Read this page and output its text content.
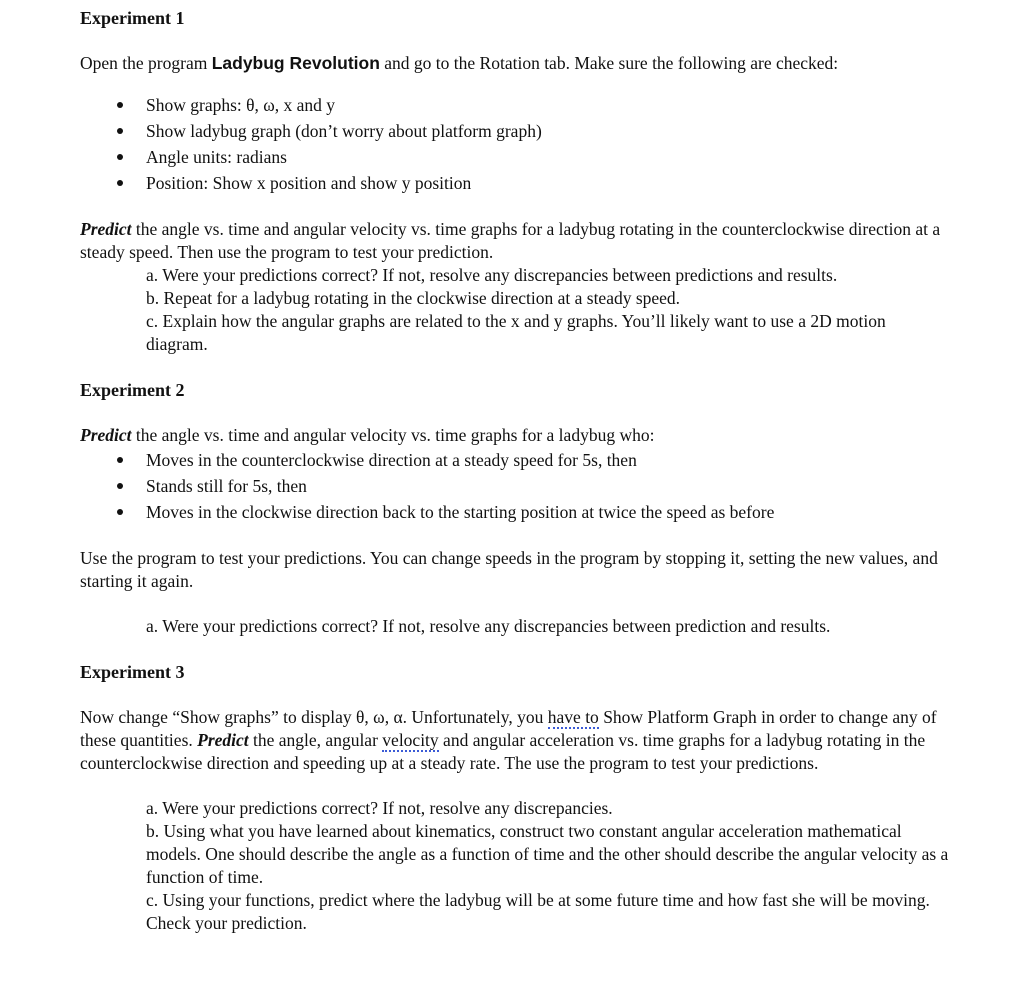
Experiment 1

Open the program Ladybug Revolution and go to the Rotation tab. Make sure the following are checked:

Show graphs: θ, ω, x and y
Show ladybug graph (don’t worry about platform graph)
Angle units: radians
Position: Show x position and show y position

Predict the angle vs. time and angular velocity vs. time graphs for a ladybug rotating in the counterclockwise direction at a steady speed. Then use the program to test your prediction.

a. Were your predictions correct? If not, resolve any discrepancies between predictions and results.

b. Repeat for a ladybug rotating in the clockwise direction at a steady speed.

c. Explain how the angular graphs are related to the x and y graphs. You’ll likely want to use a 2D motion diagram.

Experiment 2

Predict the angle vs. time and angular velocity vs. time graphs for a ladybug who:

Moves in the counterclockwise direction at a steady speed for 5s, then
Stands still for 5s, then
Moves in the clockwise direction back to the starting position at twice the speed as before

Use the program to test your predictions. You can change speeds in the program by stopping it, setting the new values, and starting it again.

a. Were your predictions correct? If not, resolve any discrepancies between prediction and results.

Experiment 3

Now change “Show graphs” to display θ, ω, α. Unfortunately, you have to Show Platform Graph in order to change any of these quantities. Predict the angle, angular velocity and angular acceleration vs. time graphs for a ladybug rotating in the counterclockwise direction and speeding up at a steady rate. The use the program to test your predictions.

a. Were your predictions correct? If not, resolve any discrepancies.

b. Using what you have learned about kinematics, construct two constant angular acceleration mathematical models. One should describe the angle as a function of time and the other should describe the angular velocity as a function of time.

c. Using your functions, predict where the ladybug will be at some future time and how fast she will be moving. Check your prediction.
